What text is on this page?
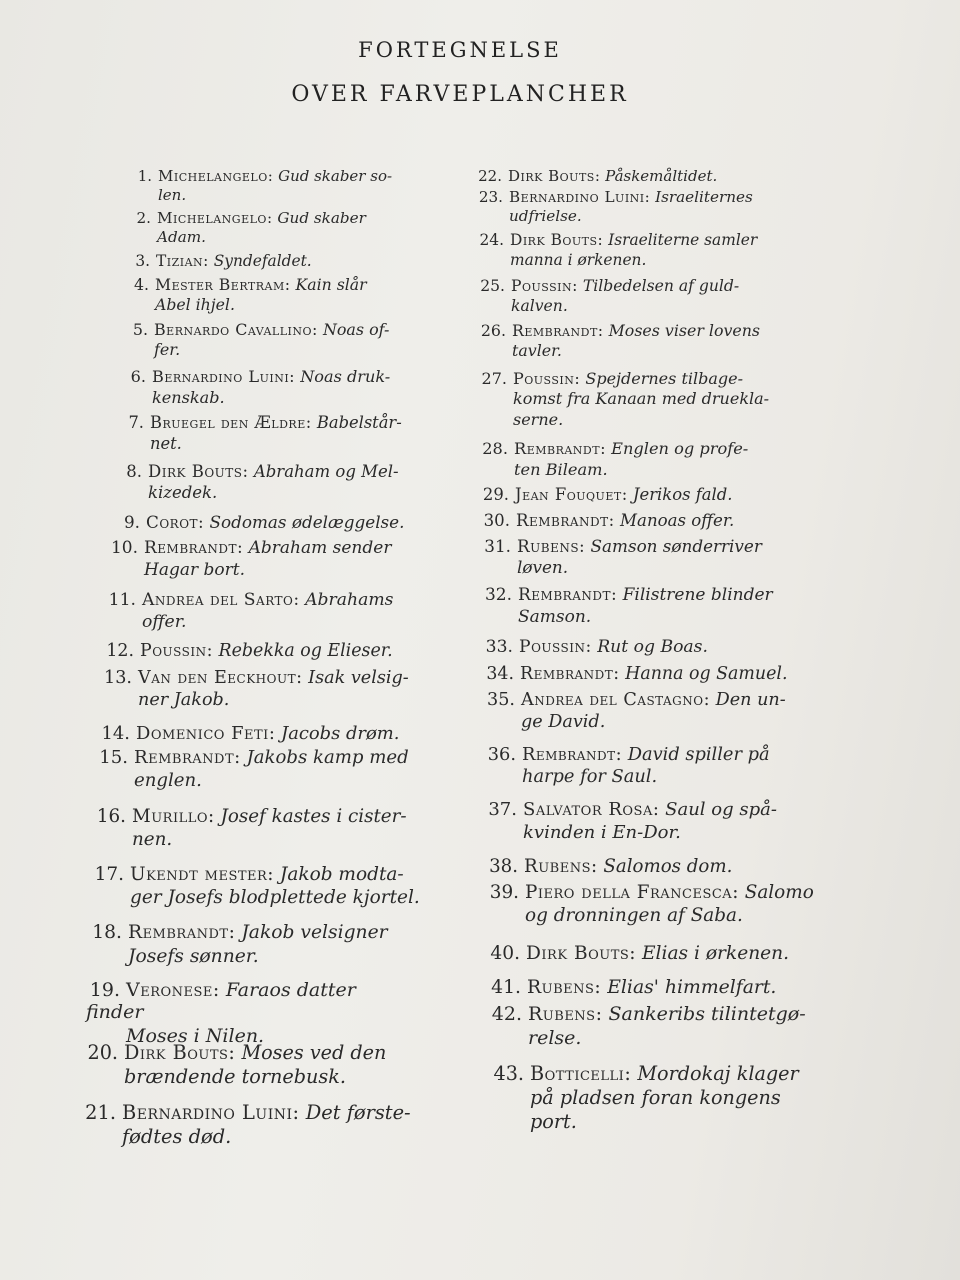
FORTEGNELSE
OVER FARVEPLANCHER
1. Michelangelo: Gud skaber so-
len.
2. Michelangelo: Gud skaber
Adam.
3. Tizian: Syndefaldet.
4. Mester Bertram: Kain slår
Abel ihjel.
5. Bernardo Cavallino: Noas of-
fer.
6. Bernardino Luini: Noas druk-
kenskab.
7. Bruegel den Ældre: Babelstår-
net.
8. Dirk Bouts: Abraham og Mel-
kizedek.
9. Corot: Sodomas ødelæggelse.
10. Rembrandt: Abraham sender
Hagar bort.
11. Andrea del Sarto: Abrahams
offer.
12. Poussin: Rebekka og Elieser.
13. Van den Eeckhout: Isak velsig-
ner Jakob.
14. Domenico Feti: Jacobs drøm.
15. Rembrandt: Jakobs kamp med
englen.
16. Murillo: Josef kastes i cister-
nen.
17. Ukendt mester: Jakob modta-
ger Josefs blodplettede kjortel.
18. Rembrandt: Jakob velsigner
Josefs sønner.
19. Veronese: Faraos datter finder
Moses i Nilen.
20. Dirk Bouts: Moses ved den
brændende tornebusk.
21. Bernardino Luini: Det første-
fødtes død.
22. Dirk Bouts: Påskemåltidet.
23. Bernardino Luini: Israeliternes
udfrielse.
24. Dirk Bouts: Israeliterne samler
manna i ørkenen.
25. Poussin: Tilbedelsen af guld-
kalven.
26. Rembrandt: Moses viser lovens
tavler.
27. Poussin: Spejdernes tilbage-
komst fra Kanaan med druekla-
serne.
28. Rembrandt: Englen og profe-
ten Bileam.
29. Jean Fouquet: Jerikos fald.
30. Rembrandt: Manoas offer.
31. Rubens: Samson sønderriver
løven.
32. Rembrandt: Filistrene blinder
Samson.
33. Poussin: Rut og Boas.
34. Rembrandt: Hanna og Samuel.
35. Andrea del Castagno: Den un-
ge David.
36. Rembrandt: David spiller på
harpe for Saul.
37. Salvator Rosa: Saul og spå-
kvinden i En-Dor.
38. Rubens: Salomos dom.
39. Piero della Francesca: Salomo
og dronningen af Saba.
40. Dirk Bouts: Elias i ørkenen.
41. Rubens: Elias' himmelfart.
42. Rubens: Sankeribs tilintetgø-
relse.
43. Botticelli: Mordokaj klager
på pladsen foran kongens
port.
